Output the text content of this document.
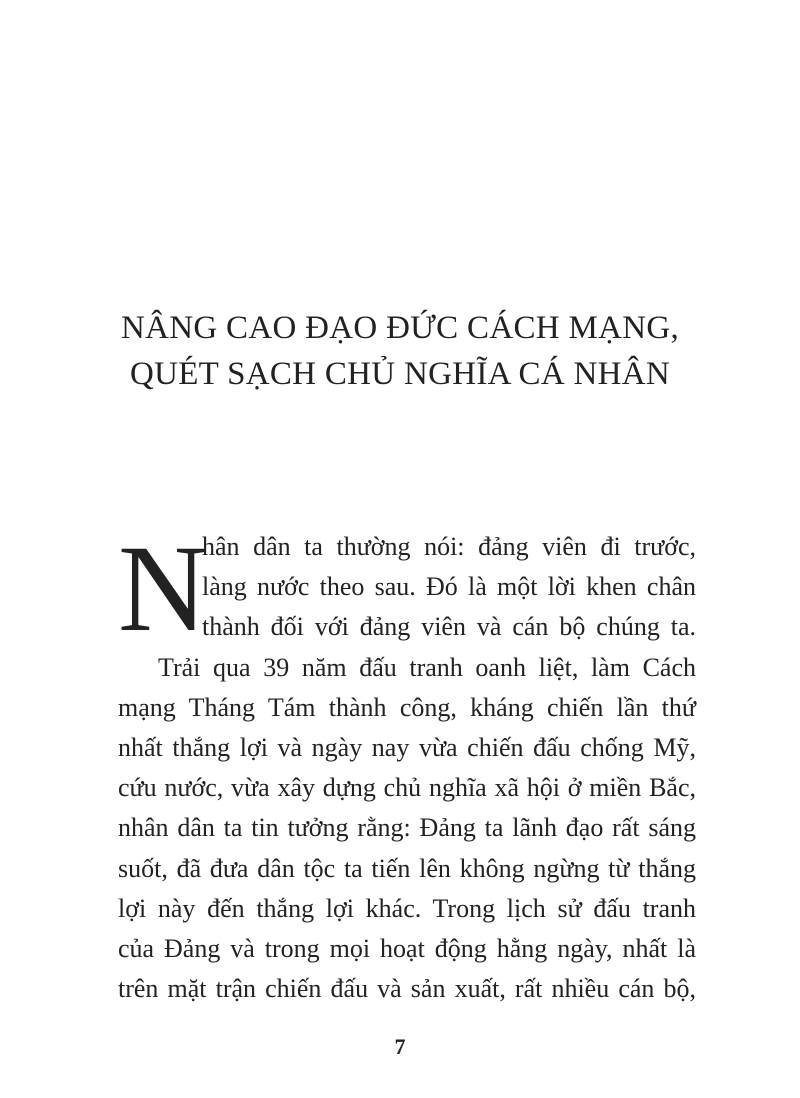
NÂNG CAO ĐẠO ĐỨC CÁCH MẠNG,
QUÉT SẠCH CHỦ NGHĨA CÁ NHÂN
N
hân dân ta thường nói: đảng viên đi trước,
làng nước theo sau. Đó là một lời khen chân
thành đối với đảng viên và cán bộ chúng ta.
Trải qua 39 năm đấu tranh oanh liệt, làm Cách
mạng Tháng Tám thành công, kháng chiến lần thứ
nhất thắng lợi và ngày nay vừa chiến đấu chống Mỹ,
cứu nước, vừa xây dựng chủ nghĩa xã hội ở miền Bắc,
nhân dân ta tin tưởng rằng: Đảng ta lãnh đạo rất sáng
suốt, đã đưa dân tộc ta tiến lên không ngừng từ thắng
lợi này đến thắng lợi khác. Trong lịch sử đấu tranh
của Đảng và trong mọi hoạt động hằng ngày, nhất là
trên mặt trận chiến đấu và sản xuất, rất nhiều cán bộ,
7
